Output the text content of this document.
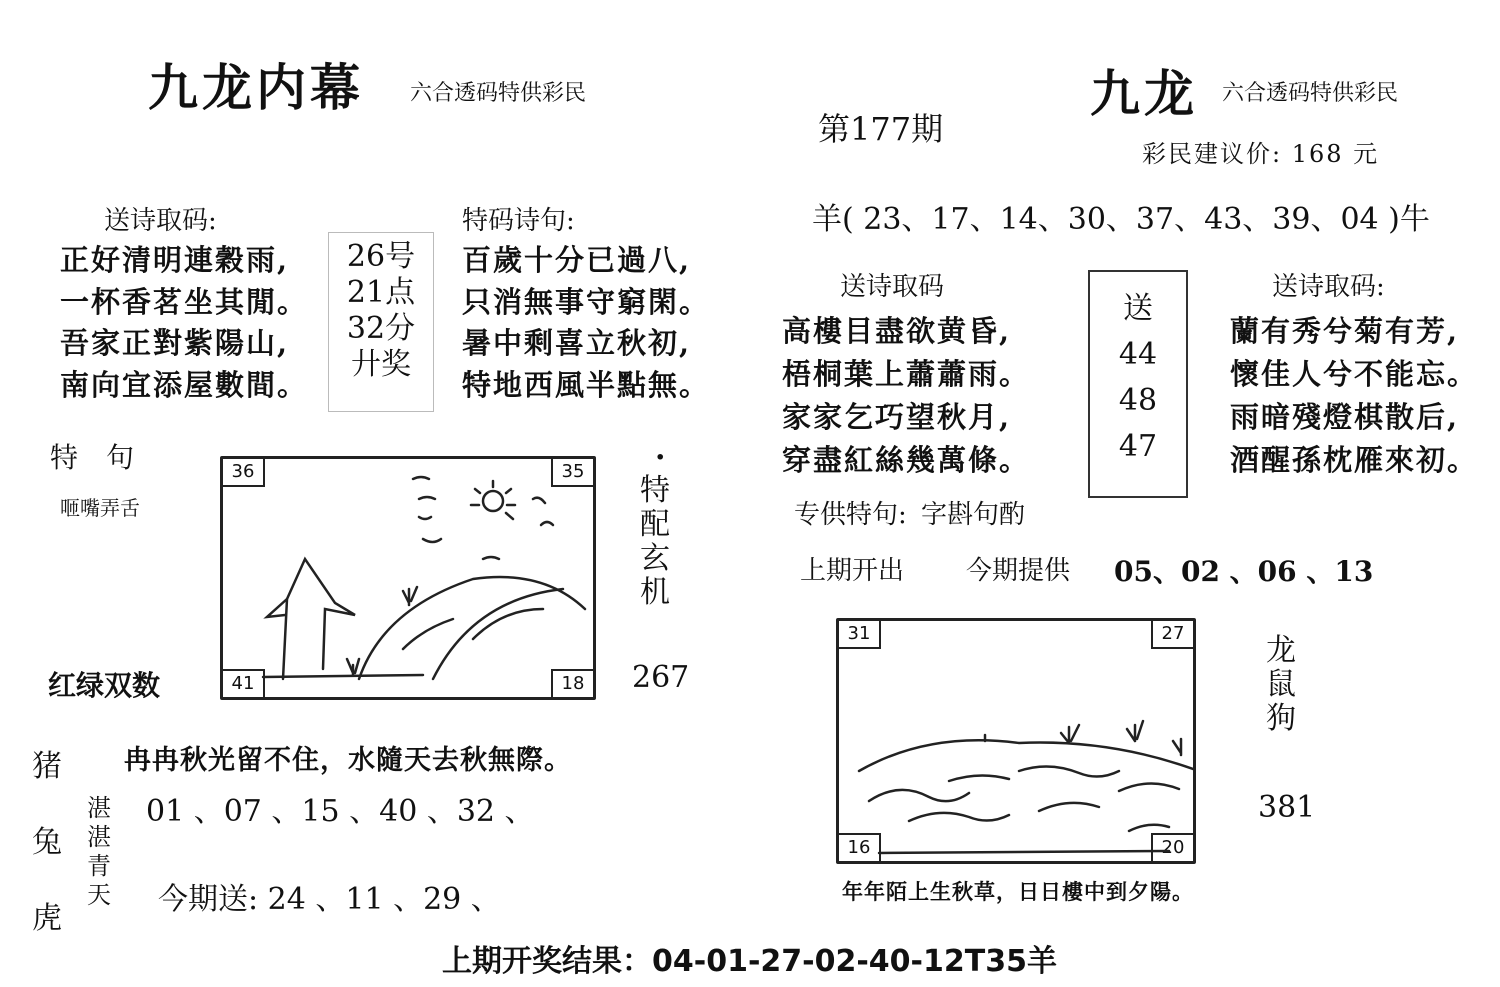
九龙内幕 六合透码特供彩民
送诗取码:
正好清明連穀雨,
一杯香茗坐其閒。
吾家正對紫陽山,
南向宜添屋數間。
26号
21点
32分
廾奖
特码诗句:
百歲十分已過八,
只消無事守窮閑。
暑中剩喜立秋初,
特地西風半點無。
特　句
咂嘴弄舌
36	35
41	18
·
特
配
玄
机
267
红绿双数
冉冉秋光留不住，水隨天去秋無際。
猪
兔
虎
湛
湛
青
天
01 、07 、15 、40 、32 、
今期送: 24 、11 、29 、
第177期
九龙 六合透码特供彩民
彩民建议价: 168 元
羊( 23、17、14、30、37、43、39、04 )牛
送诗取码
高樓目盡欲黄昏,
梧桐葉上蕭蕭雨。
家家乞巧望秋月,
穿盡紅絲幾萬條。
送
44
48
47
送诗取码:
蘭有秀兮菊有芳,
懷佳人兮不能忘。
雨暗殘燈棋散后,
酒醒孫枕雁來初。
专供特句: 字斟句酌
上期开出 今期提供 05、02 、06 、13
31	27
16	20
龙
鼠
狗
381
年年陌上生秋草，日日樓中到夕陽。
上期开奖结果：04-01-27-02-40-12T35羊
